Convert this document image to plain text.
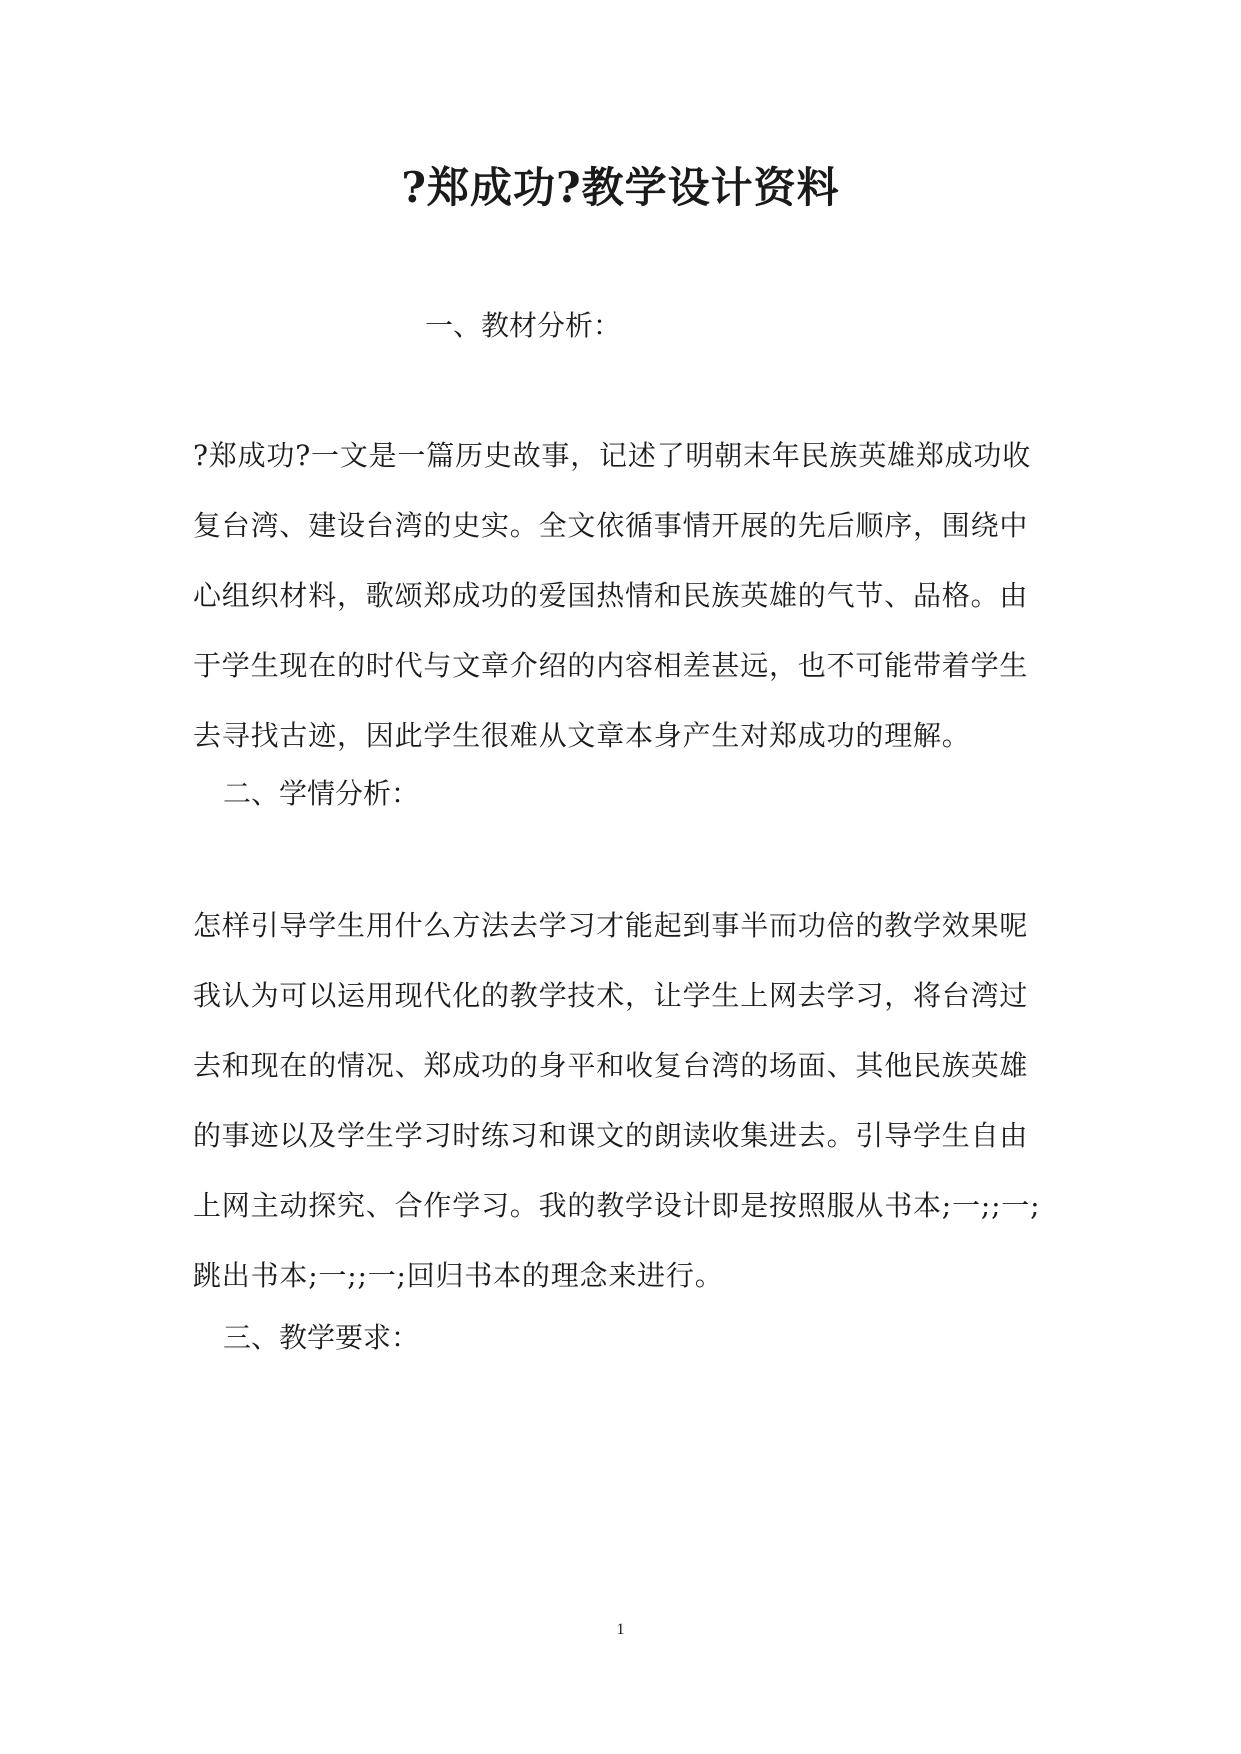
?郑成功?教学设计资料
一、教材分析：
?郑成功?一文是一篇历史故事，记述了明朝末年民族英雄郑成功收
复台湾、建设台湾的史实。全文依循事情开展的先后顺序，围绕中
心组织材料，歌颂郑成功的爱国热情和民族英雄的气节、品格。由
于学生现在的时代与文章介绍的内容相差甚远，也不可能带着学生
去寻找古迹，因此学生很难从文章本身产生对郑成功的理解。
二、学情分析：
怎样引导学生用什么方法去学习才能起到事半而功倍的教学效果呢
我认为可以运用现代化的教学技术，让学生上网去学习，将台湾过
去和现在的情况、郑成功的身平和收复台湾的场面、其他民族英雄
的事迹以及学生学习时练习和课文的朗读收集进去。引导学生自由
上网主动探究、合作学习。我的教学设计即是按照服从书本;一;;一;
跳出书本;一;;一;回归书本的理念来进行。
三、教学要求：
1
